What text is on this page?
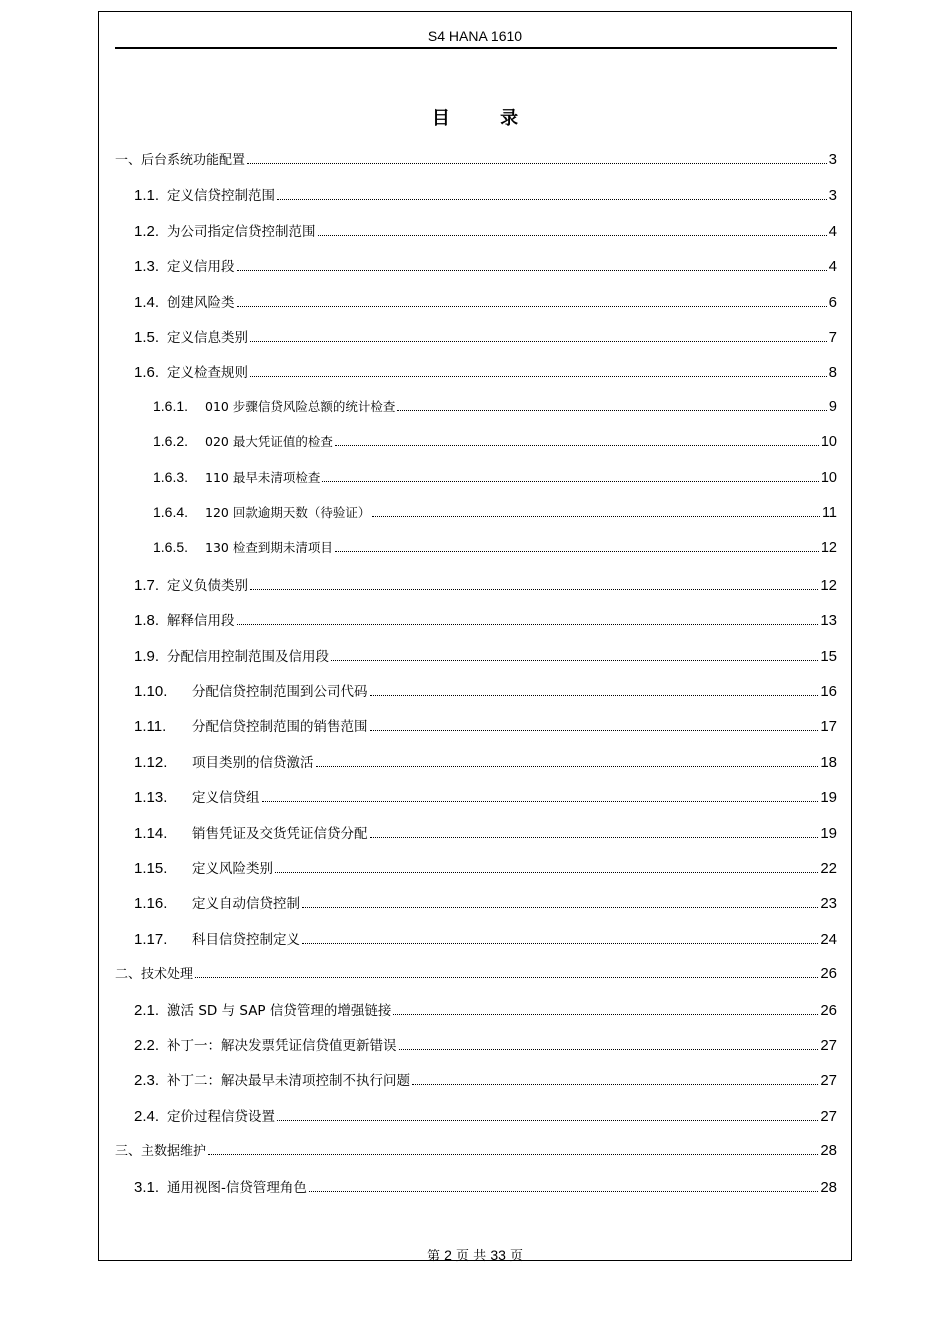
S4 HANA 1610
目 录
一、后台系统功能配置	3
1.1. 定义信贷控制范围	3
1.2. 为公司指定信贷控制范围	4
1.3. 定义信用段	4
1.4. 创建风险类	6
1.5. 定义信息类别	7
1.6. 定义检查规则	8
1.6.1.	010 步骤信贷风险总额的统计检查	9
1.6.2.	020 最大凭证值的检查	10
1.6.3.	110 最早未清项检查	10
1.6.4.	120 回款逾期天数（待验证）	11
1.6.5.	130 检查到期未清项目	12
1.7. 定义负债类别	12
1.8. 解释信用段	13
1.9. 分配信用控制范围及信用段	15
1.10.	分配信贷控制范围到公司代码	16
1.11.	分配信贷控制范围的销售范围	17
1.12.	项目类别的信贷激活	18
1.13.	定义信贷组	19
1.14.	销售凭证及交货凭证信贷分配	19
1.15.	定义风险类别	22
1.16.	定义自动信贷控制	23
1.17.	科目信贷控制定义	24
二、技术处理	26
2.1. 激活 SD 与 SAP 信贷管理的增强链接	26
2.2. 补丁一：解决发票凭证信贷值更新错误	27
2.3. 补丁二：解决最早未清项控制不执行问题	27
2.4. 定价过程信贷设置	27
三、主数据维护	28
3.1. 通用视图-信贷管理角色	28
第 2 页 共 33 页
